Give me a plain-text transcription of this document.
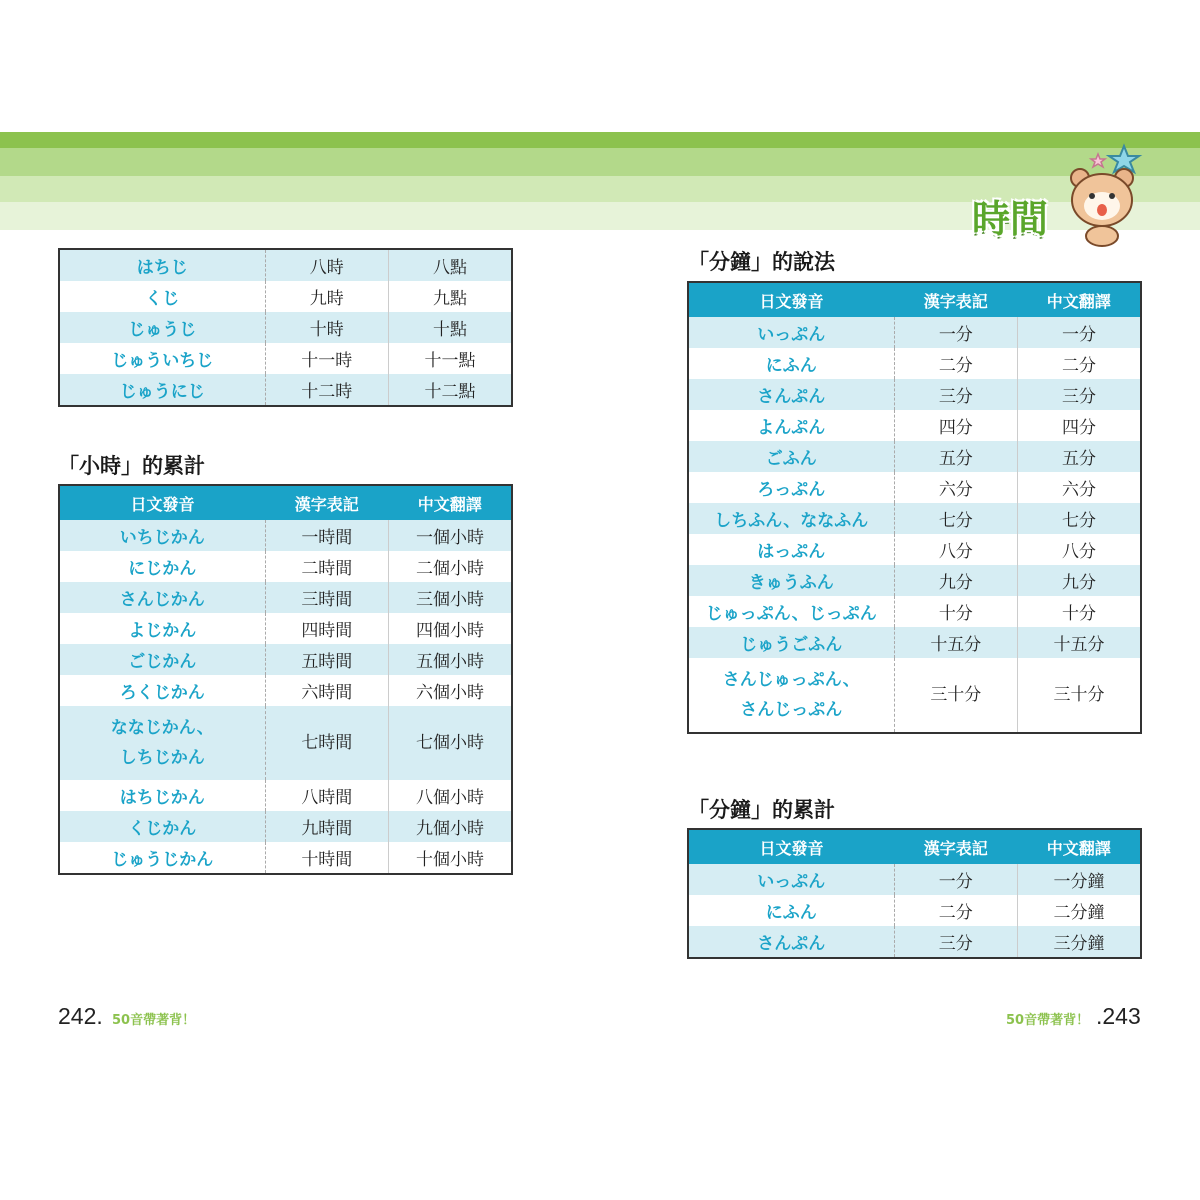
時間
はちじ	八時	八點
くじ	九時	九點
じゅうじ	十時	十點
じゅういちじ	十一時	十一點
じゅうにじ	十二時	十二點
「小時」的累計
日文發音	漢字表記	中文翻譯
いちじかん	一時間	一個小時
にじかん	二時間	二個小時
さんじかん	三時間	三個小時
よじかん	四時間	四個小時
ごじかん	五時間	五個小時
ろくじかん	六時間	六個小時
ななじかん、
しちじかん	七時間	七個小時
はちじかん	八時間	八個小時
くじかん	九時間	九個小時
じゅうじかん	十時間	十個小時
「分鐘」的說法
日文發音	漢字表記	中文翻譯
いっぷん	一分	一分
にふん	二分	二分
さんぷん	三分	三分
よんぷん	四分	四分
ごふん	五分	五分
ろっぷん	六分	六分
しちふん、ななふん	七分	七分
はっぷん	八分	八分
きゅうふん	九分	九分
じゅっぷん、じっぷん	十分	十分
じゅうごふん	十五分	十五分
さんじゅっぷん、
さんじっぷん	三十分	三十分
「分鐘」的累計
日文發音	漢字表記	中文翻譯
いっぷん	一分	一分鐘
にふん	二分	二分鐘
さんぷん	三分	三分鐘
242. 50音帶著背！	50音帶著背！ .243
